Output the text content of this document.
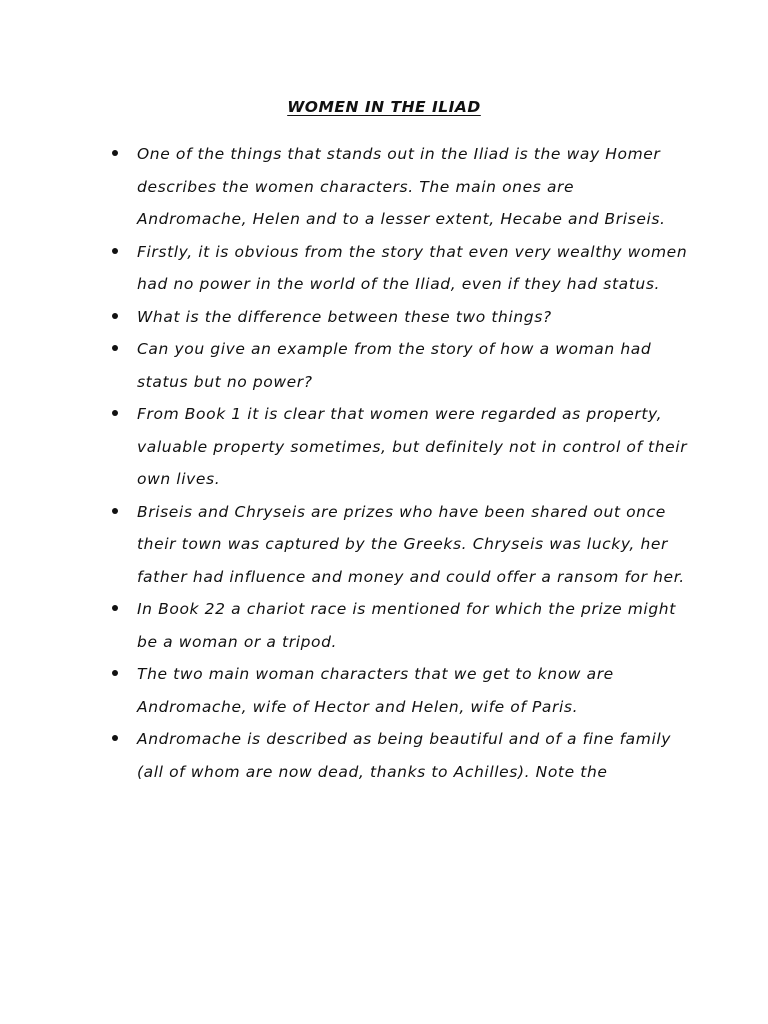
WOMEN IN THE ILIAD
One of the things that stands out in the Iliad is the way Homer describes the women characters. The main ones are Andromache, Helen and to a lesser extent, Hecabe and Briseis.
Firstly, it is obvious from the story that even very wealthy women had no power in the world of the Iliad, even if they had status.
What is the difference between these two things?
Can you give an example from the story of how a woman had status but no power?
From Book 1 it is clear that women were regarded as property, valuable property sometimes, but definitely not in control of their own lives.
Briseis and Chryseis are prizes who have been shared out once their town was captured by the Greeks. Chryseis was lucky, her father had influence and money and could offer a ransom for her.
In Book 22 a chariot race is mentioned for which the prize might be a woman or a tripod.
The two main woman characters that we get to know are Andromache, wife of Hector and Helen, wife of Paris.
Andromache is described as being beautiful and of a fine family (all of whom are now dead, thanks to Achilles). Note the
